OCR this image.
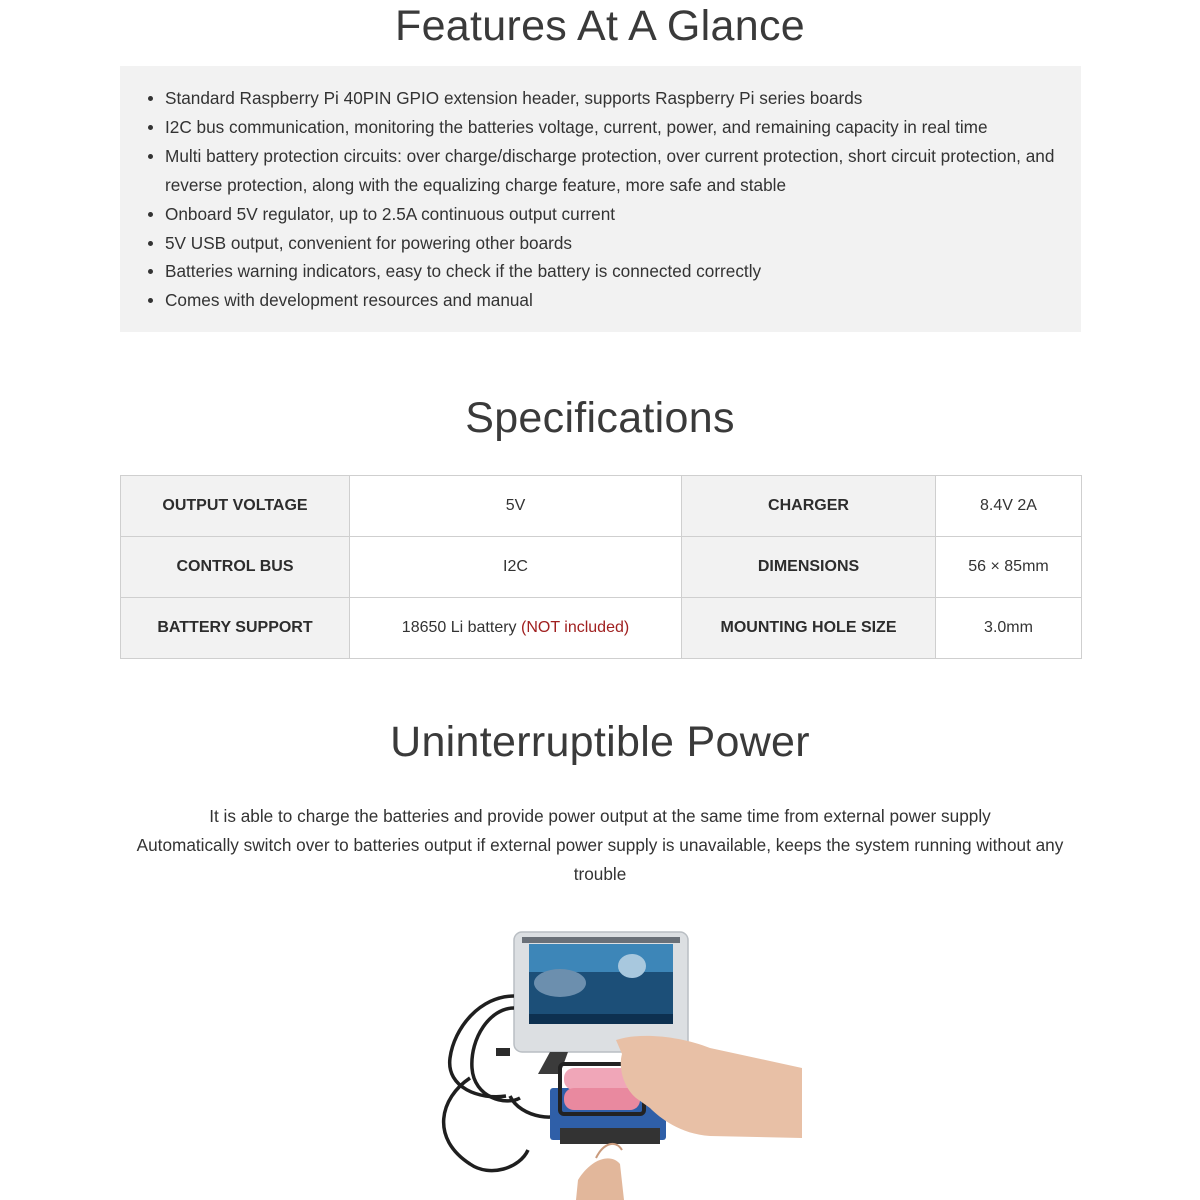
Features At A Glance
Standard Raspberry Pi 40PIN GPIO extension header, supports Raspberry Pi series boards
I2C bus communication, monitoring the batteries voltage, current, power, and remaining capacity in real time
Multi battery protection circuits: over charge/discharge protection, over current protection, short circuit protection, and reverse protection, along with the equalizing charge feature, more safe and stable
Onboard 5V regulator, up to 2.5A continuous output current
5V USB output, convenient for powering other boards
Batteries warning indicators, easy to check if the battery is connected correctly
Comes with development resources and manual
Specifications
OUTPUT VOLTAGE	5V	CHARGER	8.4V 2A
CONTROL BUS	I2C	DIMENSIONS	56 × 85mm
BATTERY SUPPORT	18650 Li battery (NOT included)	MOUNTING HOLE SIZE	3.0mm
Uninterruptible Power
It is able to charge the batteries and provide power output at the same time from external power supply
Automatically switch over to batteries output if external power supply is unavailable, keeps the system running without any trouble
